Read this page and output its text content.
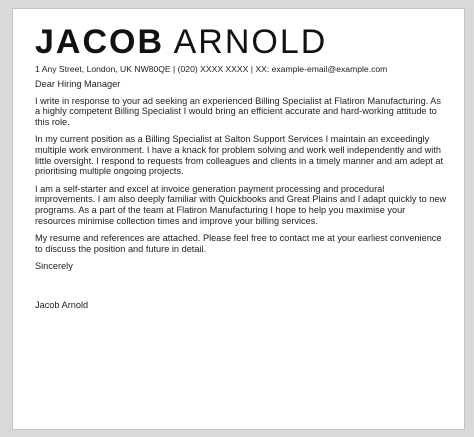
JACOB ARNOLD
1 Any Street, London, UK NW80QE | (020) XXXX XXXX | XX: example-email@example.com

Dear Hiring Manager

I write in response to your ad seeking an experienced Billing Specialist at Flatiron Manufacturing. As a highly competent Billing Specialist I would bring an efficient accurate and hard-working attitude to this role.

In my current position as a Billing Specialist at Salton Support Services I maintain an exceedingly multiple work environment. I have a knack for problem solving and work well independently and with little oversight. I respond to requests from colleagues and clients in a timely manner and am adept at prioritising multiple ongoing projects.

I am a self-starter and excel at invoice generation payment processing and procedural improvements. I am also deeply familiar with Quickbooks and Great Plains and I adapt quickly to new programs. As a part of the team at Flatiron Manufacturing I hope to help you maximise your resources minimise collection times and improve your billing services.

My resume and references are attached. Please feel free to contact me at your earliest convenience to discuss the position and future in detail.

Sincerely

Jacob Arnold
